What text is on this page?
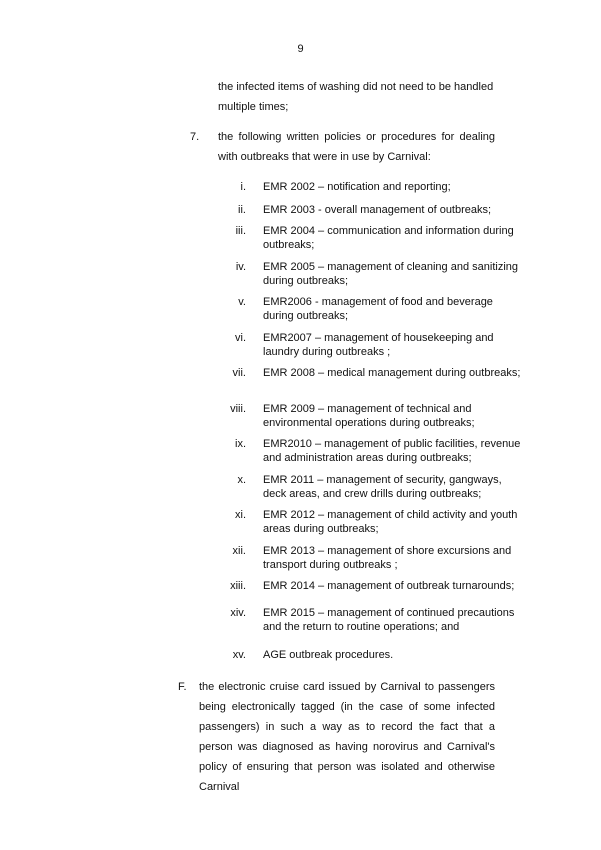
9
the infected items of washing did not need to be handled multiple times;
7. the following written policies or procedures for dealing with outbreaks that were in use by Carnival:
i. EMR 2002 – notification and reporting;
ii. EMR 2003 - overall management of outbreaks;
iii. EMR 2004 – communication and information during outbreaks;
iv. EMR 2005 – management of cleaning and sanitizing during outbreaks;
v. EMR2006 - management of food and beverage during outbreaks;
vi. EMR2007 – management of housekeeping and laundry during outbreaks ;
vii. EMR 2008 – medical management during outbreaks;
viii. EMR 2009 – management of technical and environmental operations during outbreaks;
ix. EMR2010 – management of public facilities, revenue and administration areas during outbreaks;
x. EMR 2011 – management of security, gangways, deck areas, and crew drills during outbreaks;
xi. EMR 2012 – management of child activity and youth areas during outbreaks;
xii. EMR 2013 – management of shore excursions and transport during outbreaks ;
xiii. EMR 2014 – management of outbreak turnarounds;
xiv. EMR 2015 – management of continued precautions and the return to routine operations; and
xv. AGE outbreak procedures.
F. the electronic cruise card issued by Carnival to passengers being electronically tagged (in the case of some infected passengers) in such a way as to record the fact that a person was diagnosed as having norovirus and Carnival's policy of ensuring that person was isolated and otherwise Carnival
